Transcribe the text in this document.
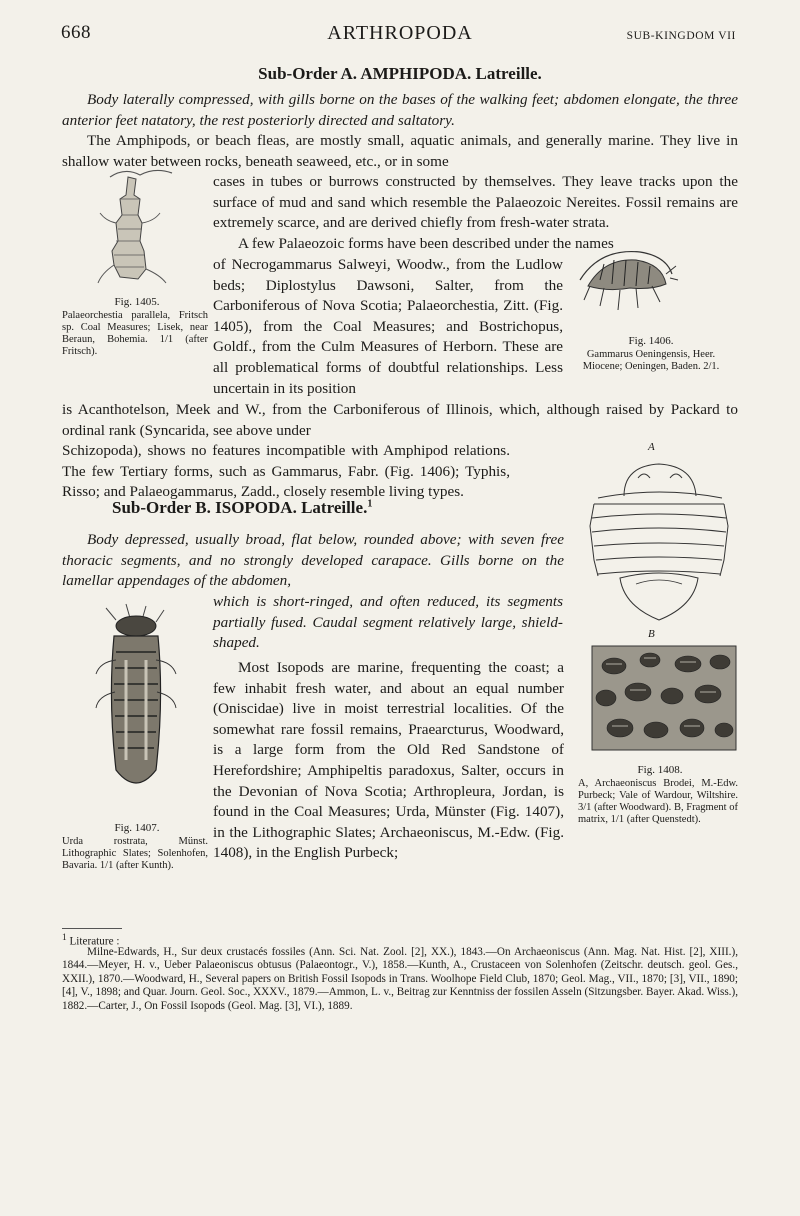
668	ARTHROPODA	SUB-KINGDOM VII
Sub-Order A. AMPHIPODA. Latreille.
Body laterally compressed, with gills borne on the bases of the walking feet; abdomen elongate, the three anterior feet natatory, the rest posteriorly directed and saltatory.
The Amphipods, or beach fleas, are mostly small, aquatic animals, and generally marine. They live in shallow water between rocks, beneath seaweed, etc., or in some
cases in tubes or burrows constructed by themselves. They leave tracks upon the surface of mud and sand which resemble the Palaeozoic Nereites. Fossil remains are extremely scarce, and are derived chiefly from fresh-water strata.
A few Palaeozoic forms have been described under the names
of Necrogammarus Salweyi, Woodw., from the Ludlow beds; Diplostylus Dawsoni, Salter, from the Carboniferous of Nova Scotia; Palaeorchestia, Zitt. (Fig. 1405), from the Coal Measures; and Bostrichopus, Goldf., from the Culm Measures of Herborn. These are all problematical forms of doubtful relationships. Less uncertain in its position
is Acanthotelson, Meek and W., from the Carboniferous of Illinois, which, although raised by Packard to ordinal rank (Syncarida, see above under
Schizopoda), shows no features incompatible with Amphipod relations. The few Tertiary forms, such as Gammarus, Fabr. (Fig. 1406); Typhis, Risso; and Palaeogammarus, Zadd., closely resemble living types.
Fig. 1405.
Palaeorchestia parallela, Fritsch sp. Coal Measures; Lisek, near Beraun, Bohemia. 1/1 (after Fritsch).
Fig. 1406.
Gammarus Oeningensis, Heer. Miocene; Oeningen, Baden. 2/1.
Sub-Order B. ISOPODA. Latreille.$^1$
Body depressed, usually broad, flat below, rounded above; with seven free thoracic segments, and no strongly developed carapace. Gills borne on the lamellar appendages of the abdomen,
which is short-ringed, and often reduced, its segments partially fused. Caudal segment relatively large, shield-shaped.
Most Isopods are marine, frequenting the coast; a few inhabit fresh water, and about an equal number (Oniscidae) live in moist terrestrial localities. Of the somewhat rare fossil remains, Praearcturus, Woodward, is a large form from the Old Red Sandstone of Herefordshire; Amphipeltis paradoxus, Salter, occurs in the Devonian of Nova Scotia; Arthropleura, Jordan, is found in the Coal Measures; Urda, Münster (Fig. 1407), in the Lithographic Slates; Archaeoniscus, M.-Edw. (Fig. 1408), in the English Purbeck;
Fig. 1407.
Urda rostrata, Münst. Lithographic Slates; Solenhofen, Bavaria. 1/1 (after Kunth).
A
B
Fig. 1408.
A, Archaeoniscus Brodei, M.-Edw. Purbeck; Vale of Wardour, Wiltshire. 3/1 (after Woodward). B, Fragment of matrix, 1/1 (after Quenstedt).
$^1$ Literature :
Milne-Edwards, H., Sur deux crustacés fossiles (Ann. Sci. Nat. Zool. [2], XX.), 1843.—On Archaeoniscus (Ann. Mag. Nat. Hist. [2], XIII.), 1844.—Meyer, H. v., Ueber Palaeoniscus obtusus (Palaeontogr., V.), 1858.—Kunth, A., Crustaceen von Solenhofen (Zeitschr. deutsch. geol. Ges., XXII.), 1870.—Woodward, H., Several papers on British Fossil Isopods in Trans. Woolhope Field Club, 1870; Geol. Mag., VII., 1870; [3], VII., 1890; [4], V., 1898; and Quar. Journ. Geol. Soc., XXXV., 1879.—Ammon, L. v., Beitrag zur Kenntniss der fossilen Asseln (Sitzungsber. Bayer. Akad. Wiss.), 1882.—Carter, J., On Fossil Isopods (Geol. Mag. [3], VI.), 1889.
